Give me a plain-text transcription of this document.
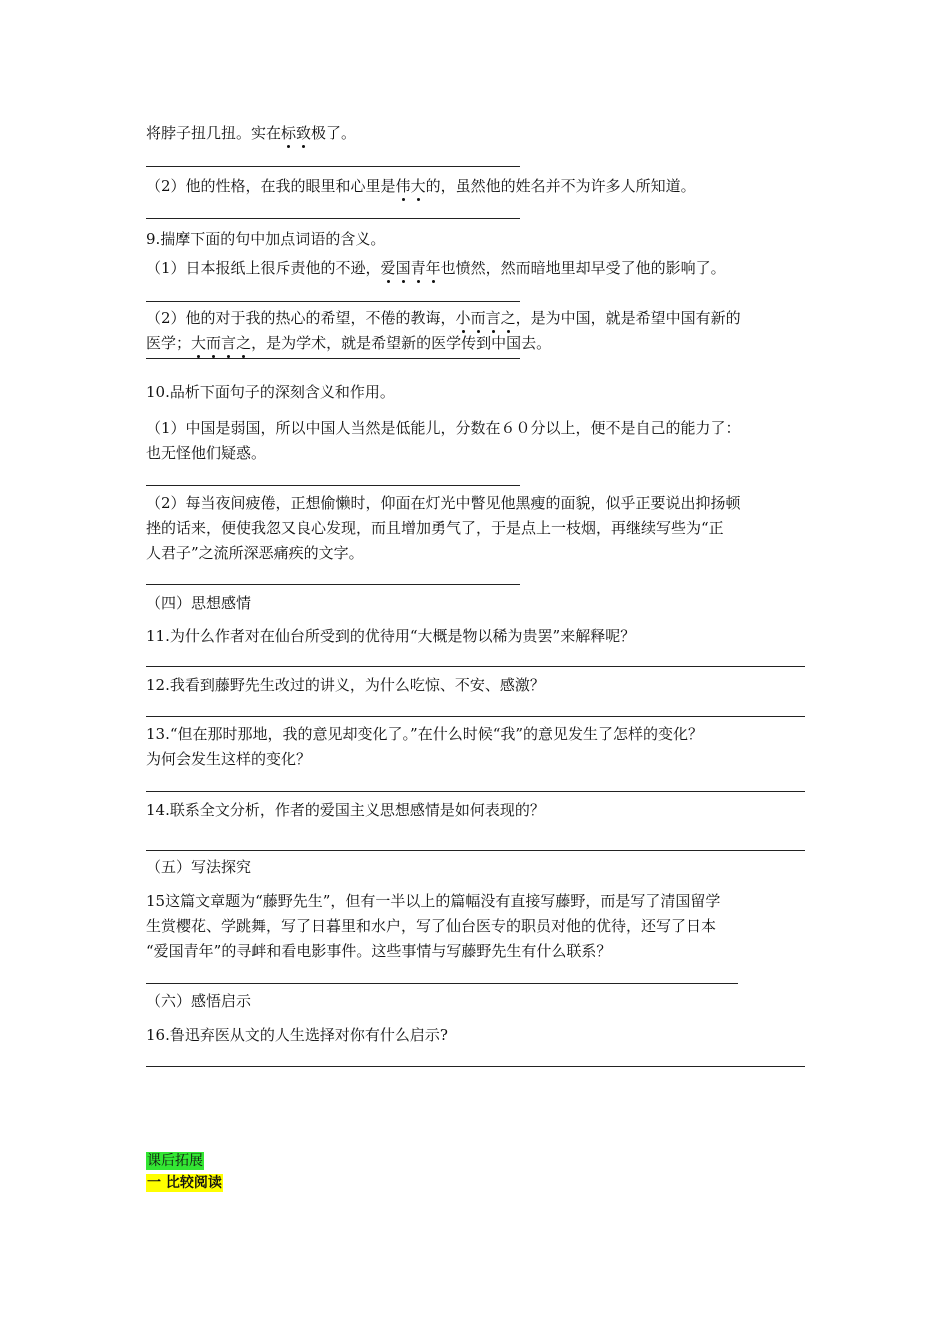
将脖子扭几扭。实在标致极了。
（2）他的性格，在我的眼里和心里是伟大的，虽然他的姓名并不为许多人所知道。
9.揣摩下面的句中加点词语的含义。
（1）日本报纸上很斥责他的不逊，爱国青年也愤然，然而暗地里却早受了他的影响了。
（2）他的对于我的热心的希望，不倦的教诲，小而言之，是为中国，就是希望中国有新的
医学；大而言之，是为学术，就是希望新的医学传到中国去。
10.品析下面句子的深刻含义和作用。
（1）中国是弱国，所以中国人当然是低能儿，分数在６０分以上，便不是自己的能力了：
也无怪他们疑惑。
（2）每当夜间疲倦，正想偷懒时，仰面在灯光中瞥见他黑瘦的面貌，似乎正要说出抑扬顿
挫的话来，便使我忽又良心发现，而且增加勇气了，于是点上一枝烟，再继续写些为“正
人君子”之流所深恶痛疾的文字。
（四）思想感情
11.为什么作者对在仙台所受到的优待用“大概是物以稀为贵罢”来解释呢？
12.我看到藤野先生改过的讲义，为什么吃惊、不安、感激？
13.“但在那时那地，我的意见却变化了。”在什么时候“我”的意见发生了怎样的变化？
为何会发生这样的变化？
14.联系全文分析，作者的爱国主义思想感情是如何表现的？
（五）写法探究
15这篇文章题为“藤野先生”，但有一半以上的篇幅没有直接写藤野，而是写了清国留学
生赏樱花、学跳舞，写了日暮里和水户，写了仙台医专的职员对他的优待，还写了日本
“爱国青年”的寻衅和看电影事件。这些事情与写藤野先生有什么联系？
（六）感悟启示
16.鲁迅弃医从文的人生选择对你有什么启示?
课后拓展
一 比较阅读
